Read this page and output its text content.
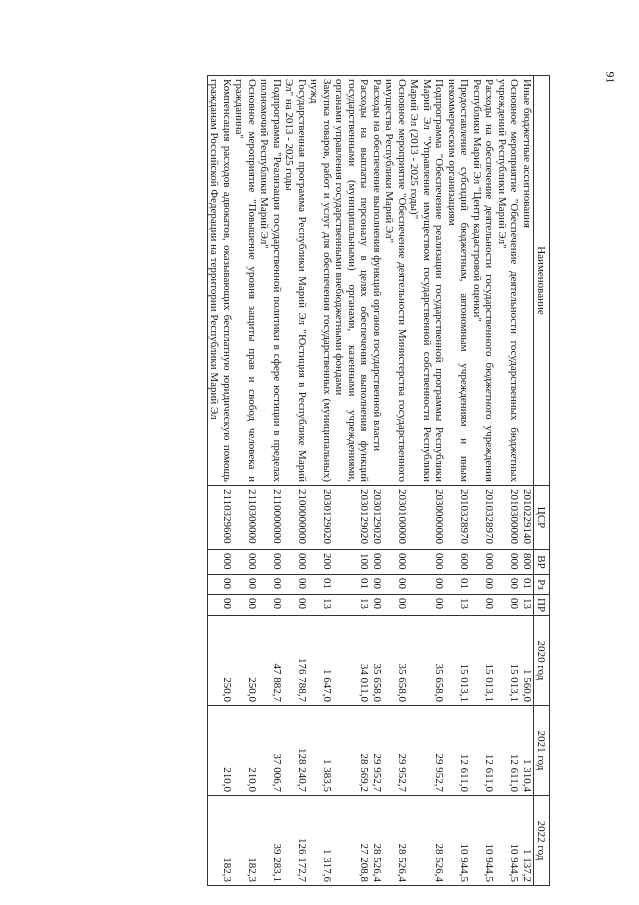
91
Наименование	ЦСР	ВР	Рз	ПР	2020 год	2021 год	2022 год
Иные бюджетные ассигнования	2010229140	800	01	13	1 560,0	1 310,4	1 137,2
Основное мероприятие "Обеспечение деятельности государственных бюджетных учреждений Республики Марий Эл"	2010300000	000	00	00	15 013,1	12 611,0	10 944,5
Расходы на обеспечение деятельности государственного бюджетного учреждения Республики Марий Эл "Центр кадастровой оценки"	2010328970	000	00	00	15 013,1	12 611,0	10 944,5
Предоставление субсидий бюджетным, автономным учреждениям и иным некоммерческим организациям	2010328970	600	01	13	15 013,1	12 611,0	10 944,5
Подпрограмма "Обеспечение реализации государственной программы Республики Марий Эл "Управление имуществом государственной собственности Республики Марий Эл (2013 - 2025 годы)"	2030000000	000	00	00	35 658,0	29 952,7	28 526,4
Основное мероприятие "Обеспечение деятельности Министерства государственного имущества Республики Марий Эл"	2030100000	000	00	00	35 658,0	29 952,7	28 526,4
Расходы на обеспечение выполнения функций органов государственной власти	2030129020	000	00	00	35 658,0	29 952,7	28 526,4
Расходы на выплаты персоналу в целях обеспечения выполнения функций государственными (муниципальными) органами, казенными учреждениями, органами управления государственными внебюджетными фондами	2030129020	100	01	13	34 011,0	28 569,2	27 208,8
Закупка товаров, работ и услуг для обеспечения государственных (муниципальных) нужд	2030129020	200	01	13	1 647,0	1 383,5	1 317,6
Государственная программа Республики Марий Эл "Юстиция в Республике Марий Эл" на 2013 - 2025 годы	2100000000	000	00	00	176 788,7	128 240,7	126 172,7
Подпрограмма "Реализация государственной политики в сфере юстиции в пределах полномочий Республики Марий Эл"	2110000000	000	00	00	47 882,7	37 006,7	39 283,1
Основное мероприятие "Повышение уровня защиты прав и свобод человека и гражданина"	2110300000	000	00	00	250,0	210,0	182,3
Компенсация расходов адвокатов, оказывающих бесплатную юридическую помощь гражданам Российской Федерации на территории Республики Марий Эл	2110329600	000	00	00	250,0	210,0	182,3
